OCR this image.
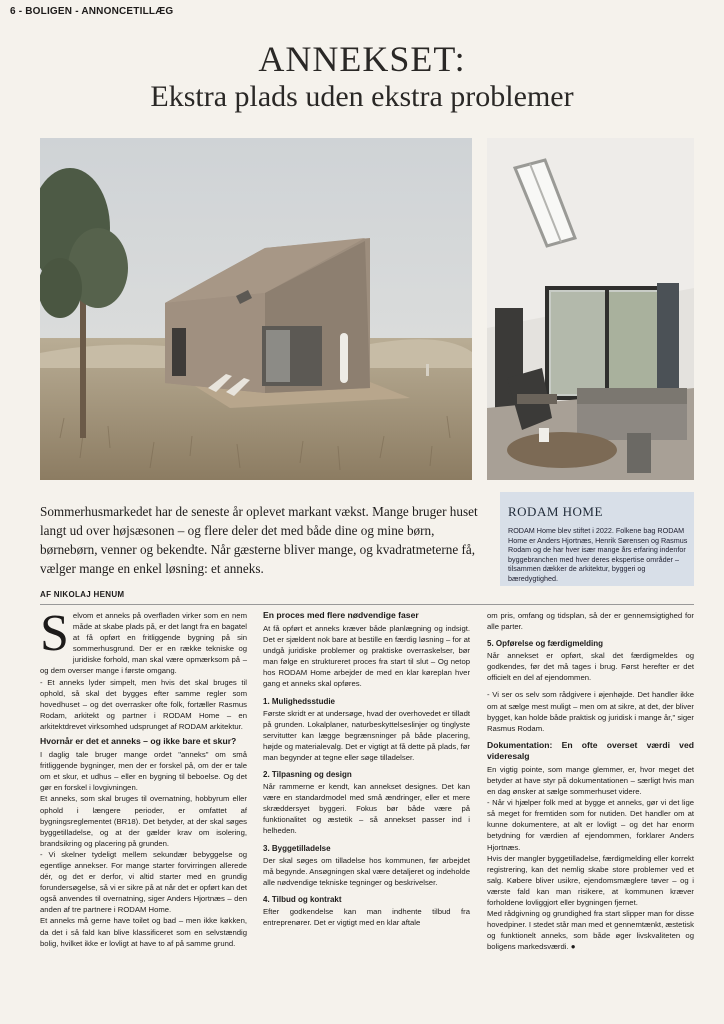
6 - BOLIGEN - ANNONCETILLÆG
ANNEKSET:
Ekstra plads uden ekstra problemer
Sommerhusmarkedet har de seneste år oplevet markant vækst. Mange bruger huset langt ud over højsæsonen – og flere deler det med både dine og mine børn, børnebørn, venner og bekendte. Når gæsterne bliver mange, og kvadratmeterne få, vælger mange en enkel løsning: et anneks.
AF NIKOLAJ HENUM
RODAM HOME
RODAM Home blev stiftet i 2022. Folkene bag RODAM Home er Anders Hjortnæs, Henrik Sørensen og Rasmus Rodam og de har hver især mange års erfaring indenfor byggebranchen med hver deres ekspertise områder – tilsammen dækker de arkitektur, byggeri og bæredygtighed.

Selvom et anneks på overfladen virker som en nem måde at skabe plads på, er det langt fra en bagatel at få opført en fritliggende bygning på sin sommerhusgrund. Der er en række tekniske og juridiske forhold, man skal være opmærksom på – og dem overser mange i første omgang.

- Et anneks lyder simpelt, men hvis det skal bruges til ophold, så skal det bygges efter samme regler som hovedhuset – og det overrasker ofte folk, fortæller Rasmus Rodam, arkitekt og partner i RODAM Home – en arkitektdrevet virksomhed udsprunget af RODAM arkitektur.

Hvornår er det et anneks – og ikke bare et skur?

I daglig tale bruger mange ordet "anneks" om små fritliggende bygninger, men der er forskel på, om der er tale om et skur, et udhus – eller en bygning til beboelse. Og det gør en forskel i lovgivningen.

Et anneks, som skal bruges til overnatning, hobbyrum eller ophold i længere perioder, er omfattet af bygningsreglementet (BR18). Det betyder, at der skal søges byggetilladelse, og at der gælder krav om isolering, brandsikring og placering på grunden.

- Vi skelner tydeligt mellem sekundær bebyggelse og egentlige annekser. For mange starter forvirringen allerede dér, og det er derfor, vi altid starter med en grundig forundersøgelse, så vi er sikre på at når det er opført kan det også anvendes til overnatning, siger Anders Hjortnæs – den anden af tre partnere i RODAM Home.

Et anneks må gerne have toilet og bad – men ikke køkken, da det i så fald kan blive klassificeret som en selvstændig bolig, hvilket ikke er lovligt at have to af på samme grund.

En proces med flere nødvendige faser

At få opført et anneks kræver både planlægning og indsigt. Det er sjældent nok bare at bestille en færdig løsning – for at undgå juridiske problemer og praktiske overraskelser, bør man følge en struktureret proces fra start til slut – Og netop hos RODAM Home arbejder de med en klar køreplan hver gang et anneks skal opføres.

1. Mulighedsstudie

Første skridt er at undersøge, hvad der overhovedet er tilladt på grunden. Lokalplaner, naturbeskyttelseslinjer og tinglyste servitutter kan lægge begrænsninger på både placering, højde og materialevalg. Det er vigtigt at få dette på plads, før man begynder at tegne eller søge tilladelser.

2. Tilpasning og design

Når rammerne er kendt, kan annekset designes. Det kan være en standardmodel med små ændringer, eller et mere skræddersyet byggeri. Fokus bør både være på funktionalitet og æstetik – så annekset passer ind i helheden.

3. Byggetilladelse

Der skal søges om tilladelse hos kommunen, før arbejdet må begynde. Ansøgningen skal være detaljeret og indeholde alle nødvendige tekniske tegninger og beskrivelser.

4. Tilbud og kontrakt

Efter godkendelse kan man indhente tilbud fra entreprenører. Det er vigtigt med en klar aftale

om pris, omfang og tidsplan, så der er gennemsigtighed for alle parter.

5. Opførelse og færdigmelding

Når annekset er opført, skal det færdigmeldes og godkendes, før det må tages i brug. Først herefter er det officielt en del af ejendommen.

- Vi ser os selv som rådgivere i øjenhøjde. Det handler ikke om at sælge mest muligt – men om at sikre, at det, der bliver bygget, kan holde både praktisk og juridisk i mange år," siger Rasmus Rodam.

Dokumentation: En ofte overset værdi ved videresalg

En vigtig pointe, som mange glemmer, er, hvor meget det betyder at have styr på dokumentationen – særligt hvis man en dag ønsker at sælge sommerhuset videre.

- Når vi hjælper folk med at bygge et anneks, gør vi det lige så meget for fremtiden som for nutiden. Det handler om at kunne dokumentere, at alt er lovligt – og det har enorm betydning for værdien af ejendommen, forklarer Anders Hjortnæs.

Hvis der mangler byggetilladelse, færdigmelding eller korrekt registrering, kan det nemlig skabe store problemer ved et salg. Købere bliver usikre, ejendomsmæglere tøver – og i værste fald kan man risikere, at kommunen kræver forholdene lovliggjort eller bygningen fjernet.

Med rådgivning og grundighed fra start slipper man for disse hovedpiner. I stedet står man med et gennemtænkt, æstetisk og funktionelt anneks, som både øger livskvaliteten og boligens markedsværdi. ●
